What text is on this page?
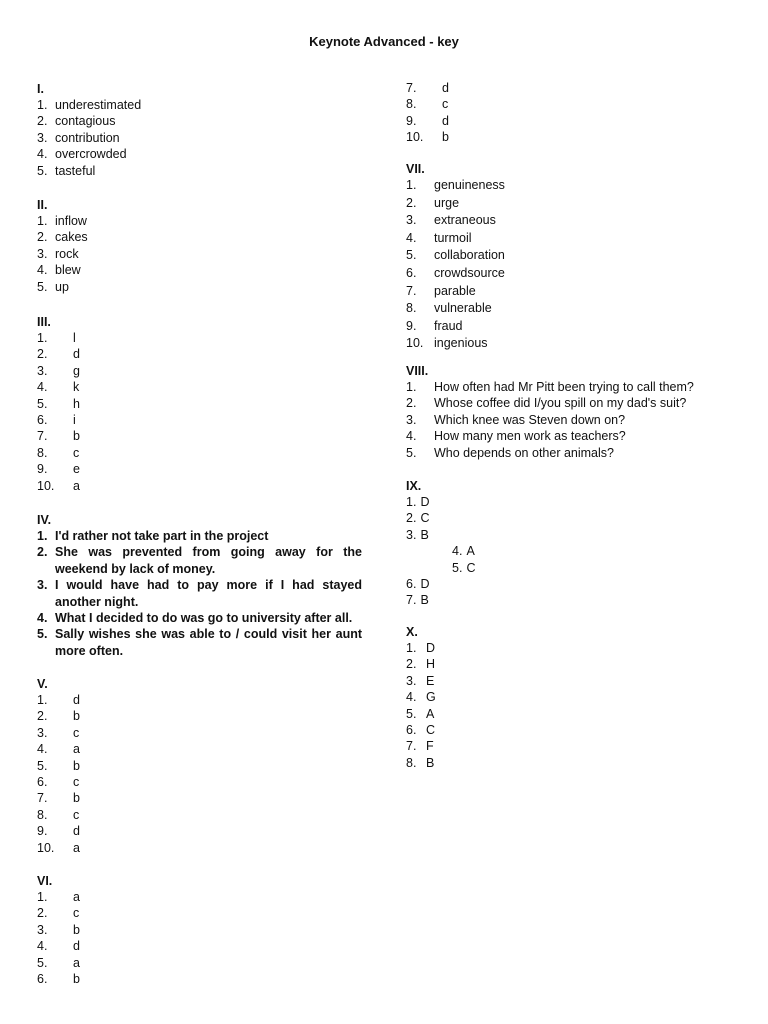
Keynote Advanced - key
I.
1. underestimated
2. contagious
3. contribution
4. overcrowded
5. tasteful
II.
1. inflow
2. cakes
3. rock
4. blew
5. up
III.
1. l
2. d
3. g
4. k
5. h
6. i
7. b
8. c
9. e
10. a
IV.
1. I'd rather not take part in the project
2. She was prevented from going away for the weekend by lack of money.
3. I would have had to pay more if I had stayed another night.
4. What I decided to do was go to university after all.
5. Sally wishes she was able to / could visit her aunt more often.
V.
1. d
2. b
3. c
4. a
5. b
6. c
7. b
8. c
9. d
10. a
VI.
1. a
2. c
3. b
4. d
5. a
6. b
7. d
8. c
9. d
10. b
VII.
1. genuineness
2. urge
3. extraneous
4. turmoil
5. collaboration
6. crowdsource
7. parable
8. vulnerable
9. fraud
10. ingenious
VIII.
1. How often had Mr Pitt been trying to call them?
2. Whose coffee did I/you spill on my dad's suit?
3. Which knee was Steven down on?
4. How many men work as teachers?
5. Who depends on other animals?
IX.
1. D
2. C
3. B
4. A
5. C
6. D
7. B
X.
1. D
2. H
3. E
4. G
5. A
6. C
7. F
8. B
